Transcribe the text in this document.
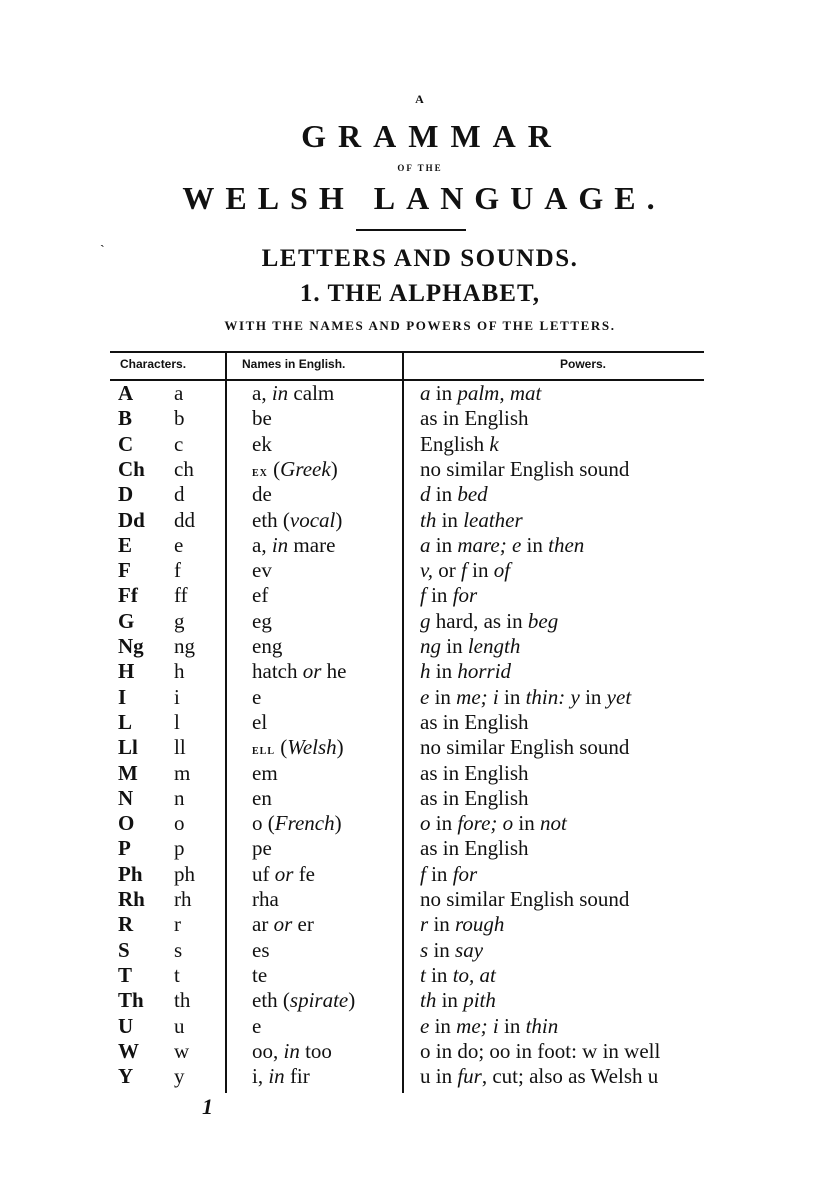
A
GRAMMAR
OF THE
WELSH LANGUAGE.
ˎ
LETTERS AND SOUNDS.
1. THE ALPHABET,
WITH THE NAMES AND POWERS OF THE LETTERS.
Characters.	Names in English.	Powers.
A a	a, in calm	a in palm, mat
B b	be	as in English
C c	ek	English k
Ch ch	ex (Greek)	no similar English sound
D d	de	d in bed
Dd dd	eth (vocal)	th in leather
E e	a, in mare	a in mare; e in then
F f	ev	v, or f in of
Ff ff	ef	f in for
G g	eg	g hard, as in beg
Ng ng	eng	ng in length
H h	hatch or he	h in horrid
I i	e	e in me; i in thin: y in yet
L l	el	as in English
Ll ll	ell (Welsh)	no similar English sound
M m	em	as in English
N n	en	as in English
O o	o (French)	o in fore; o in not
P p	pe	as in English
Ph ph	uf or fe	f in for
Rh rh	rha	no similar English sound
R r	ar or er	r in rough
S s	es	s in say
T t	te	t in to, at
Th th	eth (spirate)	th in pith
U u	e	e in me; i in thin
W w	oo, in too	o in do; oo in foot: w in well
Y y	i, in fir	u in fur, cut; also as Welsh u
1
